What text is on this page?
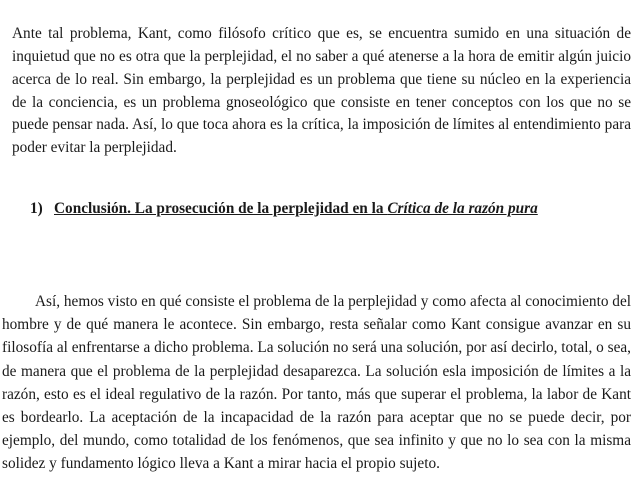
Ante tal problema, Kant, como filósofo crítico que es, se encuentra sumido en una situación de inquietud que no es otra que la perplejidad, el no saber a qué atenerse a la hora de emitir algún juicio acerca de lo real. Sin embargo, la perplejidad es un problema que tiene su núcleo en la experiencia de la conciencia, es un problema gnoseológico que consiste en tener conceptos con los que no se puede pensar nada. Así, lo que toca ahora es la crítica, la imposición de límites al entendimiento para poder evitar la perplejidad.

1) Conclusión. La prosecución de la perplejidad en la Crítica de la razón pura

Así, hemos visto en qué consiste el problema de la perplejidad y como afecta al conocimiento del hombre y de qué manera le acontece. Sin embargo, resta señalar como Kant consigue avanzar en su filosofía al enfrentarse a dicho problema. La solución no será una solución, por así decirlo, total, o sea, de manera que el problema de la perplejidad desaparezca. La solución esla imposición de límites a la razón, esto es el ideal regulativo de la razón. Por tanto, más que superar el problema, la labor de Kant es bordearlo. La aceptación de la incapacidad de la razón para aceptar que no se puede decir, por ejemplo, del mundo, como totalidad de los fenómenos, que sea infinito y que no lo sea con la misma solidez y fundamento lógico lleva a Kant a mirar hacia el propio sujeto.
